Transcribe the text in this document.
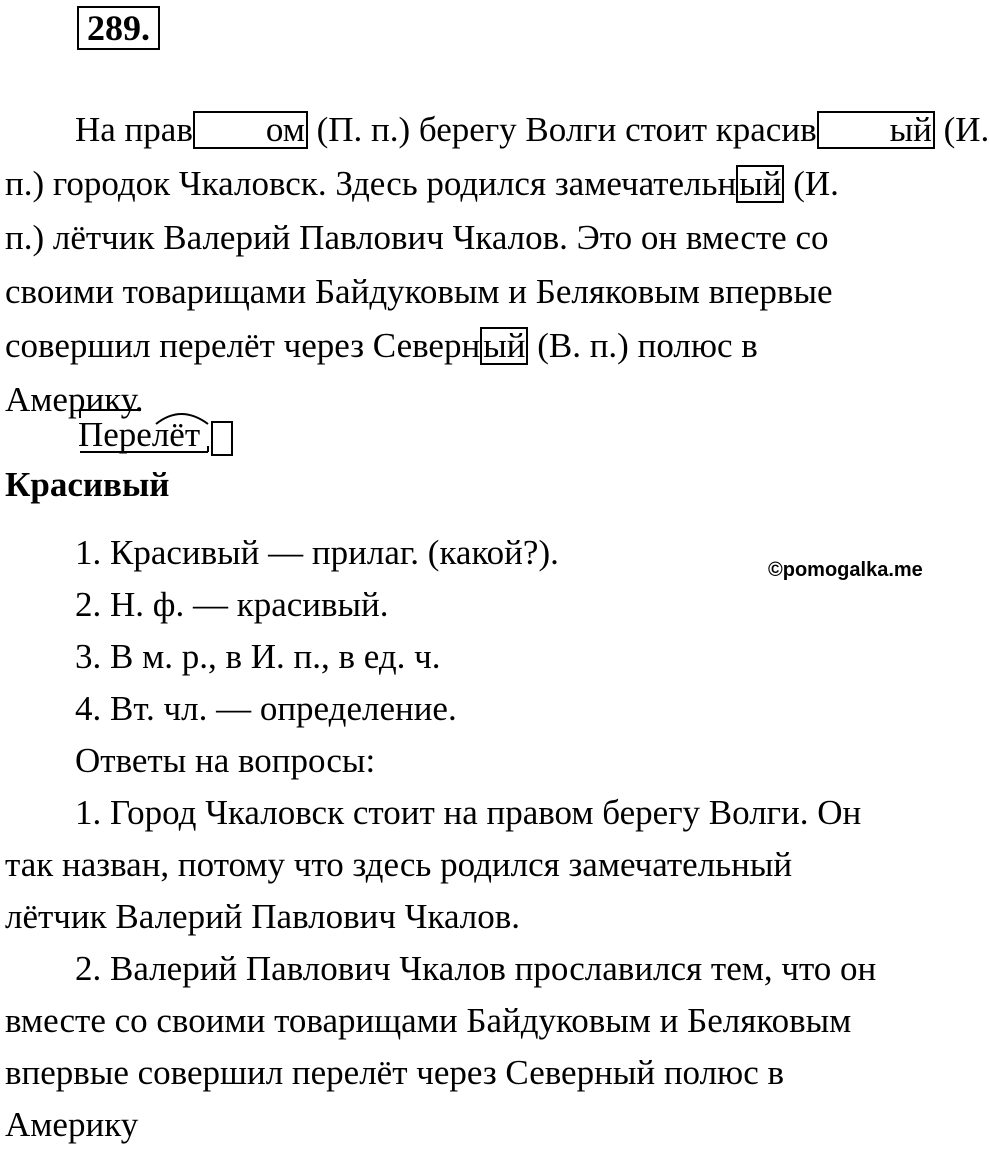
289.
На прав ом (П. п.) берегу Волги стоит красив ый (И.
п.) городок Чкаловск. Здесь родился замечательный (И.
п.) лётчик Валерий Павлович Чкалов. Это он вместе со
своими товарищами Байдуковым и Беляковым впервые
совершил перелёт через Северный (В. п.) полюс в
Америку.
Перелёт
Красивый
©pomogalka.me
1. Красивый — прилаг. (какой?).
2. Н. ф. — красивый.
3. В м. р., в И. п., в ед. ч.
4. Вт. чл. — определение.
Ответы на вопросы:
1. Город Чкаловск стоит на правом берегу Волги. Он
так назван, потому что здесь родился замечательный
лётчик Валерий Павлович Чкалов.
2. Валерий Павлович Чкалов прославился тем, что он
вместе со своими товарищами Байдуковым и Беляковым
впервые совершил перелёт через Северный полюс в
Америку
